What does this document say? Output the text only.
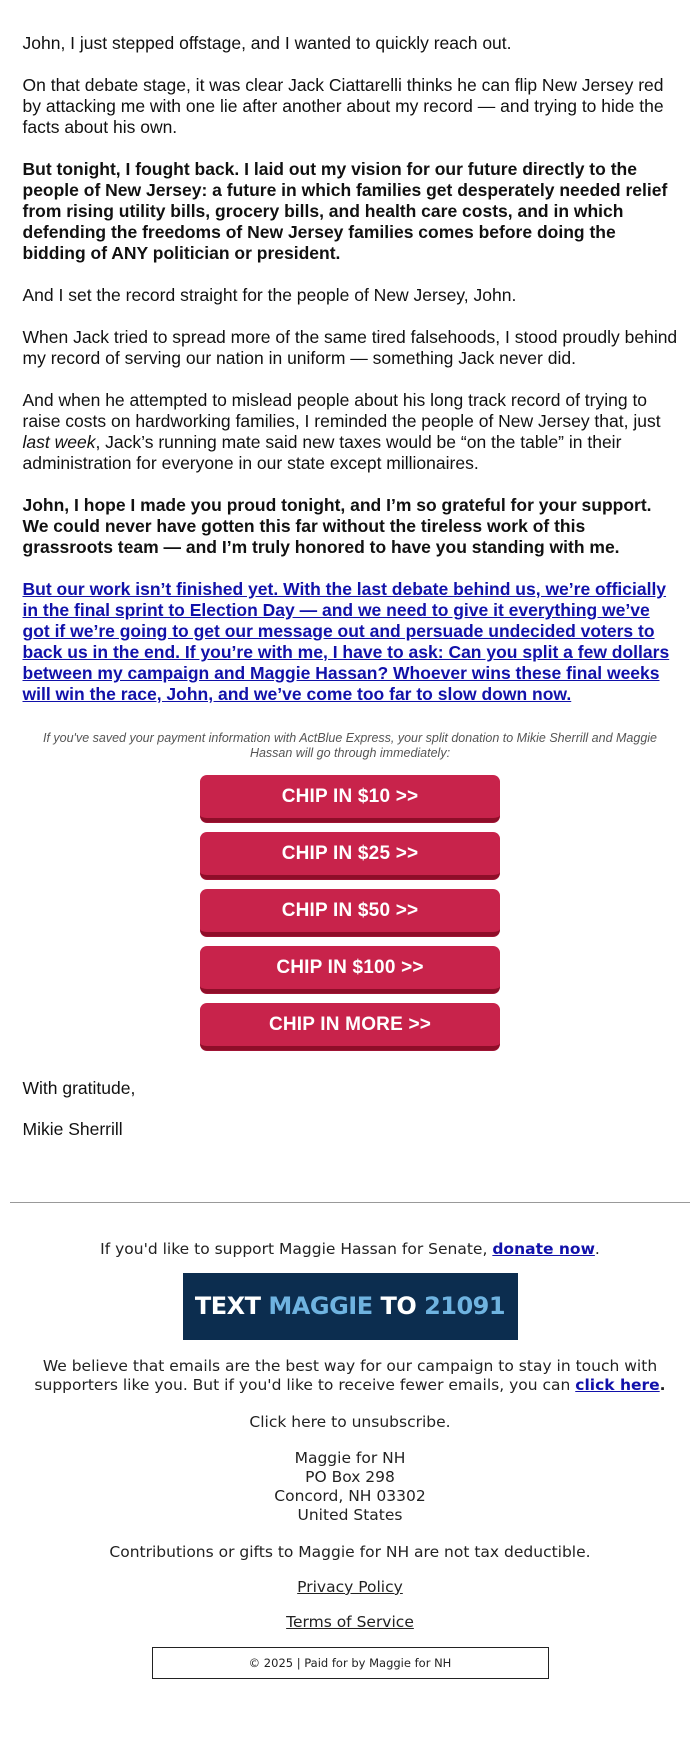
John, I just stepped offstage, and I wanted to quickly reach out.

On that debate stage, it was clear Jack Ciattarelli thinks he can flip New Jersey red by attacking me with one lie after another about my record — and trying to hide the facts about his own.

But tonight, I fought back. I laid out my vision for our future directly to the people of New Jersey: a future in which families get desperately needed relief from rising utility bills, grocery bills, and health care costs, and in which defending the freedoms of New Jersey families comes before doing the bidding of ANY politician or president.

And I set the record straight for the people of New Jersey, John.

When Jack tried to spread more of the same tired falsehoods, I stood proudly behind my record of serving our nation in uniform — something Jack never did.

And when he attempted to mislead people about his long track record of trying to raise costs on hardworking families, I reminded the people of New Jersey that, just last week, Jack’s running mate said new taxes would be “on the table” in their administration for everyone in our state except millionaires.

John, I hope I made you proud tonight, and I’m so grateful for your support. We could never have gotten this far without the tireless work of this grassroots team — and I’m truly honored to have you standing with me.

But our work isn’t finished yet. With the last debate behind us, we’re officially in the final sprint to Election Day — and we need to give it everything we’ve got if we’re going to get our message out and persuade undecided voters to back us in the end. If you’re with me, I have to ask: Can you split a few dollars between my campaign and Maggie Hassan? Whoever wins these final weeks will win the race, John, and we’ve come too far to slow down now.

If you've saved your payment information with ActBlue Express, your split donation to Mikie Sherrill and Maggie Hassan will go through immediately:

CHIP IN $10 >>
CHIP IN $25 >>
CHIP IN $50 >>
CHIP IN $100 >>
CHIP IN MORE >>

With gratitude,

Mikie Sherrill

If you'd like to support Maggie Hassan for Senate, donate now.

TEXT MAGGIE TO 21091

We believe that emails are the best way for our campaign to stay in touch with supporters like you. But if you'd like to receive fewer emails, you can click here.

Click here to unsubscribe.

Maggie for NH
PO Box 298
Concord, NH 03302
United States

Contributions or gifts to Maggie for NH are not tax deductible.

Privacy Policy

Terms of Service

© 2025 | Paid for by Maggie for NH
